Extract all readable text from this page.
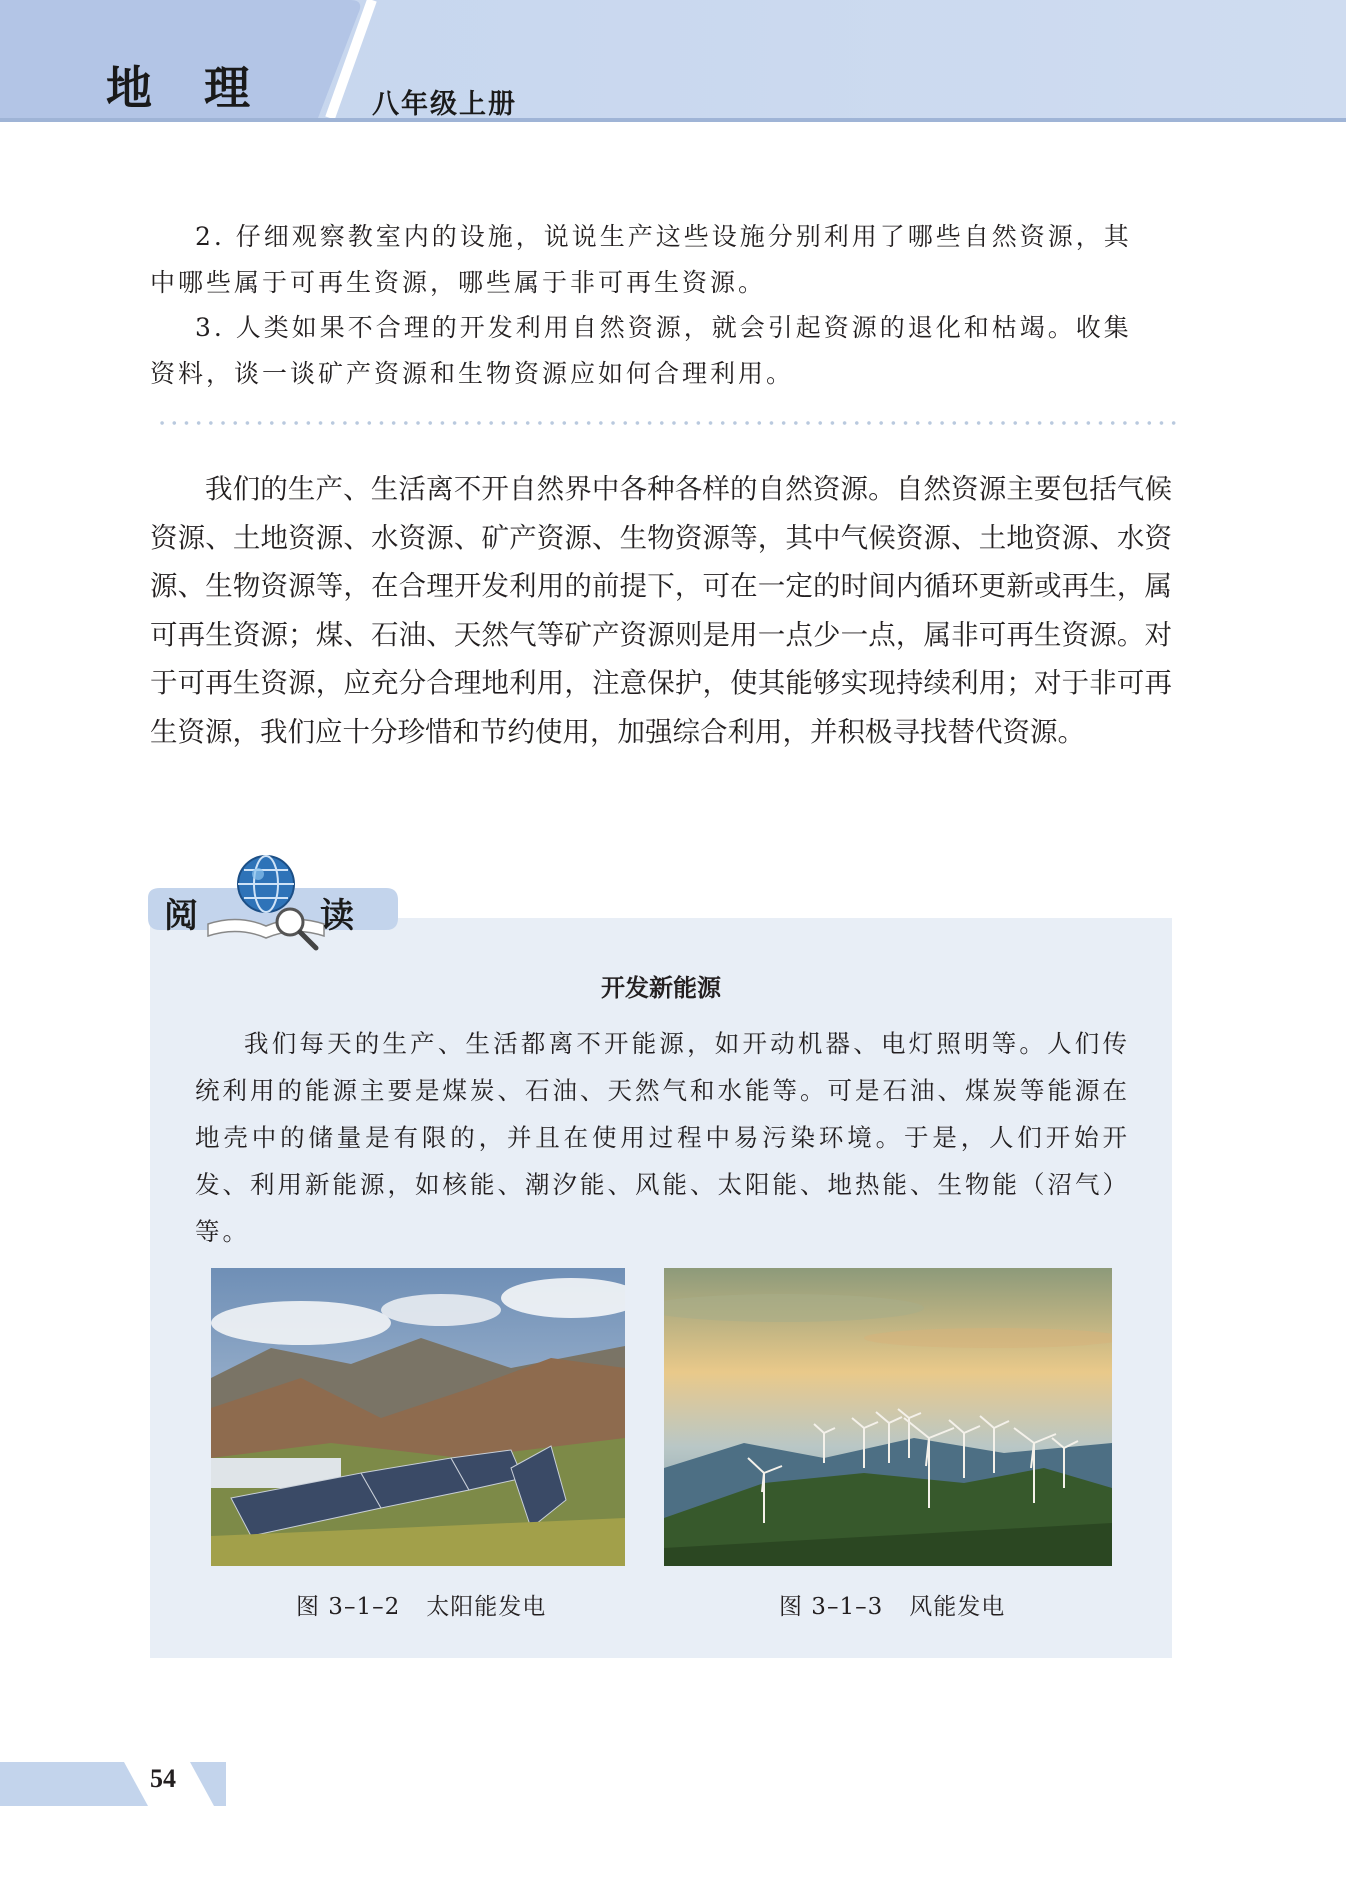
地 理	八年级上册

2. 仔细观察教室内的设施，说说生产这些设施分别利用了哪些自然资源，其中哪些属于可再生资源，哪些属于非可再生资源。

3. 人类如果不合理的开发利用自然资源，就会引起资源的退化和枯竭。收集资料，谈一谈矿产资源和生物资源应如何合理利用。

我们的生产、生活离不开自然界中各种各样的自然资源。自然资源主要包括气候资源、土地资源、水资源、矿产资源、生物资源等，其中气候资源、土地资源、水资源、生物资源等，在合理开发利用的前提下，可在一定的时间内循环更新或再生，属可再生资源；煤、石油、天然气等矿产资源则是用一点少一点，属非可再生资源。对于可再生资源，应充分合理地利用，注意保护，使其能够实现持续利用；对于非可再生资源，我们应十分珍惜和节约使用，加强综合利用，并积极寻找替代资源。
阅	读
开发新能源
我们每天的生产、生活都离不开能源，如开动机器、电灯照明等。人们传统利用的能源主要是煤炭、石油、天然气和水能等。可是石油、煤炭等能源在地壳中的储量是有限的，并且在使用过程中易污染环境。于是，人们开始开发、利用新能源，如核能、潮汐能、风能、太阳能、地热能、生物能（沼气）等。
图 3–1–2 太阳能发电	图 3–1–3 风能发电
54
